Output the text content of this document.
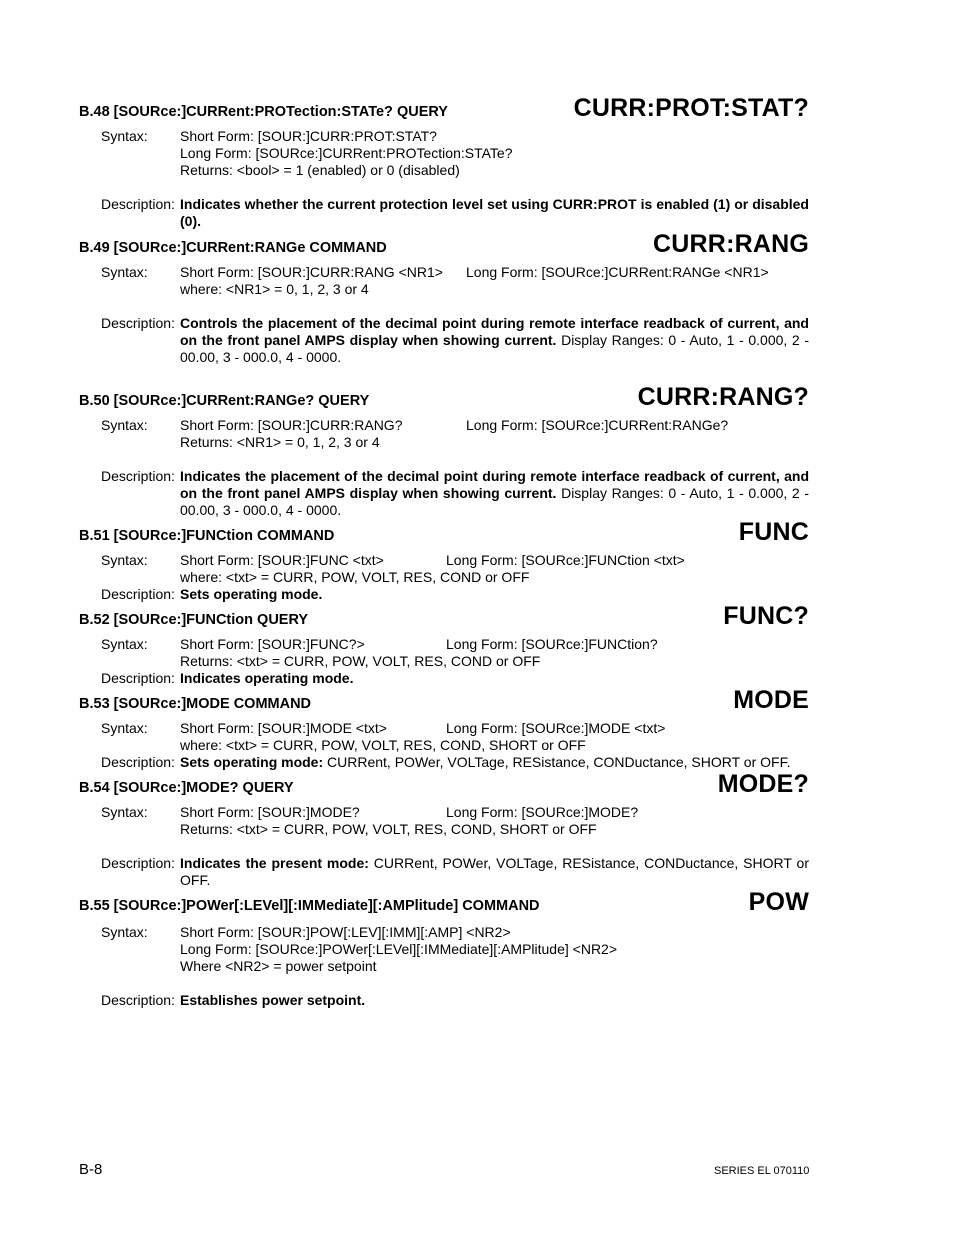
B.48 [SOURce:]CURRent:PROTection:STATe? QUERY	CURR:PROT:STAT?
Syntax: Short Form: [SOUR:]CURR:PROT:STAT?
Long Form: [SOURce:]CURRent:PROTection:STATe?
Returns: <bool> = 1 (enabled) or 0 (disabled)
Description: Indicates whether the current protection level set using CURR:PROT is enabled (1) or disabled (0).
B.49 [SOURce:]CURRent:RANGe COMMAND	CURR:RANG
Syntax: Short Form: [SOUR:]CURR:RANG <NR1> Long Form: [SOURce:]CURRent:RANGe <NR1>
where: <NR1> = 0, 1, 2, 3 or 4
Description: Controls the placement of the decimal point during remote interface readback of current, and on the front panel AMPS display when showing current. Display Ranges: 0 - Auto, 1 - 0.000, 2 - 00.00, 3 - 000.0, 4 - 0000.
B.50 [SOURce:]CURRent:RANGe? QUERY	CURR:RANG?
Syntax: Short Form: [SOUR:]CURR:RANG?	Long Form: [SOURce:]CURRent:RANGe?
Returns: <NR1> = 0, 1, 2, 3 or 4
Description: Indicates the placement of the decimal point during remote interface readback of current, and on the front panel AMPS display when showing current. Display Ranges: 0 - Auto, 1 - 0.000, 2 - 00.00, 3 - 000.0, 4 - 0000.
B.51 [SOURce:]FUNCtion COMMAND	FUNC
Syntax: Short Form: [SOUR:]FUNC <txt>	Long Form: [SOURce:]FUNCtion <txt>
where: <txt> = CURR, POW, VOLT, RES, COND or OFF
Description: Sets operating mode.
B.52 [SOURce:]FUNCtion QUERY	FUNC?
Syntax: Short Form: [SOUR:]FUNC?>	Long Form: [SOURce:]FUNCtion?
Returns: <txt> = CURR, POW, VOLT, RES, COND or OFF
Description: Indicates operating mode.
B.53 [SOURce:]MODE COMMAND	MODE
Syntax: Short Form: [SOUR:]MODE <txt>	Long Form: [SOURce:]MODE <txt>
where: <txt> = CURR, POW, VOLT, RES, COND, SHORT or OFF
Description: Sets operating mode: CURRent, POWer, VOLTage, RESistance, CONDuctance, SHORT or OFF.
B.54 [SOURce:]MODE? QUERY	MODE?
Syntax: Short Form: [SOUR:]MODE?	Long Form: [SOURce:]MODE?
Returns: <txt> = CURR, POW, VOLT, RES, COND, SHORT or OFF
Description: Indicates the present mode: CURRent, POWer, VOLTage, RESistance, CONDuctance, SHORT or OFF.
B.55 [SOURce:]POWer[:LEVel][:IMMediate][:AMPlitude] COMMAND	POW
Syntax: Short Form: [SOUR:]POW[:LEV][:IMM][:AMP] <NR2>
Long Form: [SOURce:]POWer[:LEVel][:IMMediate][:AMPlitude] <NR2>
Where <NR2> = power setpoint
Description: Establishes power setpoint.
B-8	SERIES EL 070110
